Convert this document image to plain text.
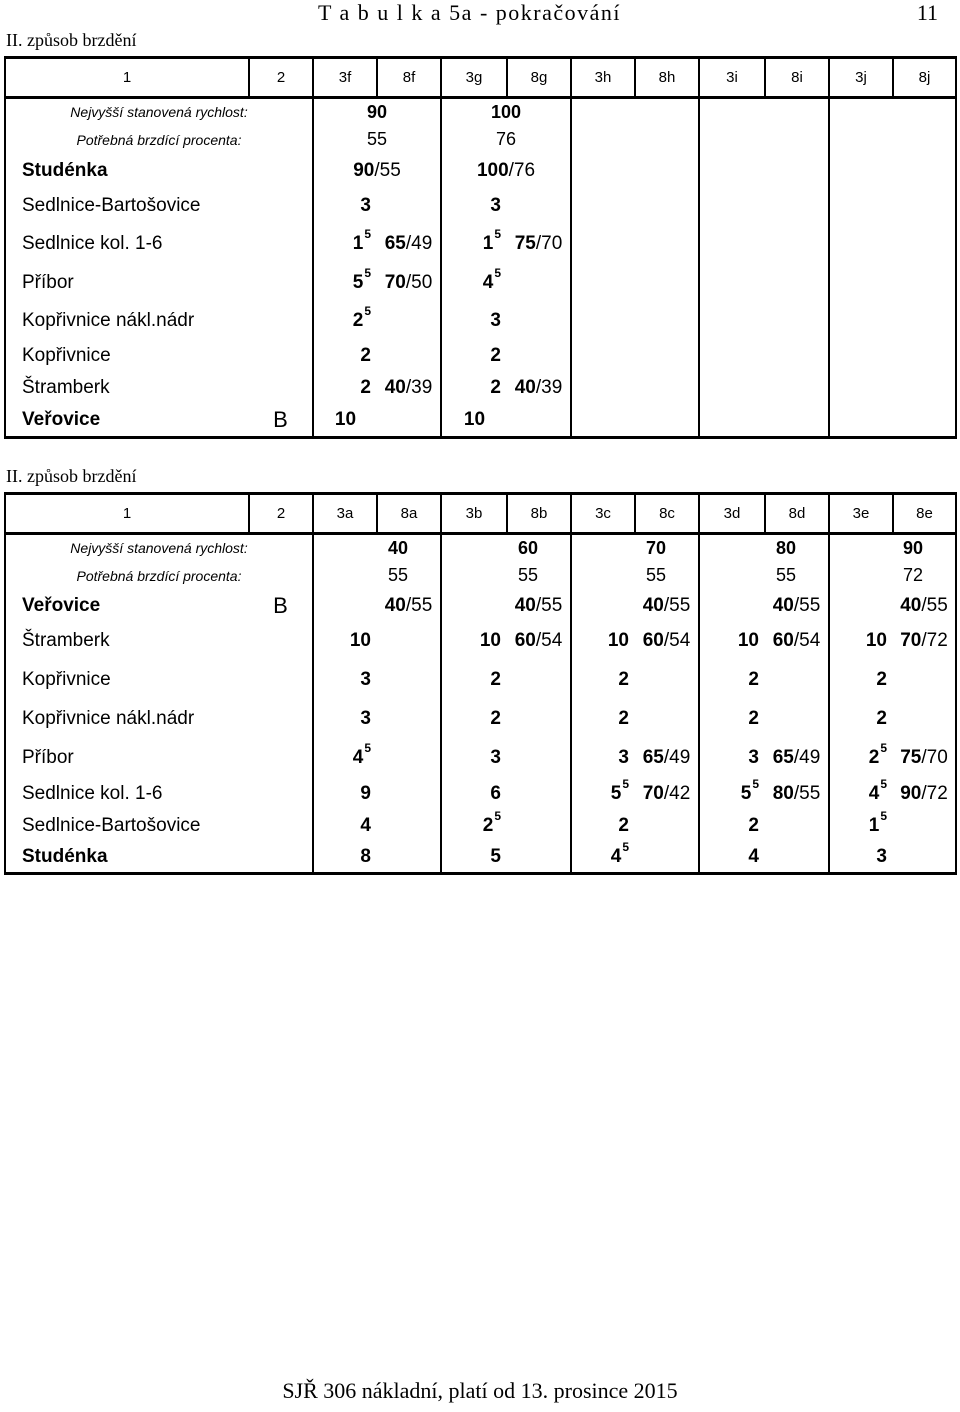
T a b u l k a 5a - pokračování	11
II. způsob brzdění
1	2	3f	8f	3g	8g	3h	8h	3i	8i	3j	8j
Nejvyšší stanovená rychlost:		90		100							
Potřebná brzdící procenta:		55		76							
Studénka		90/55		100/76							
Sedlnice-Bartošovice		3		3							
Sedlnice kol. 1-6		$1^5$	65/49	$1^5$	75/70						
Příbor		$5^5$	70/50	$4^5$				
Kopřivnice nákl.nádr		$2^5$		3							
Kopřivnice		2		2							
Štramberk		2	40/39	2	40/39						
Veřovice	B	10		10							
II. způsob brzdění
1	2	3a	8a	3b	8b	3c	8c	3d	8d	3e	8e
Nejvyšší stanovená rychlost:		40		60		70		80		90	
Potřebná brzdící procenta:		55		55		55		55		72	
Veřovice	B		40/55		40/55		40/55		40/55		40/55
Štramberk		10		10	60/54	10	60/54	10	60/54	10	70/72
Kopřivnice		3		2		2		2		2	
Kopřivnice nákl.nádr		3		2		2		2		2	
Příbor		$4^5$		3		3	65/49	3	65/49	$2^5$	75/70
Sedlnice kol. 1-6		9		6		$5^5$	70/42	$5^5$	80/55	$4^5$	90/72
Sedlnice-Bartošovice		4		$2^5$		2		2		$1^5$	
Studénka		8		5		$4^5$		4		3	
SJŘ 306 nákladní, platí od 13. prosince 2015
